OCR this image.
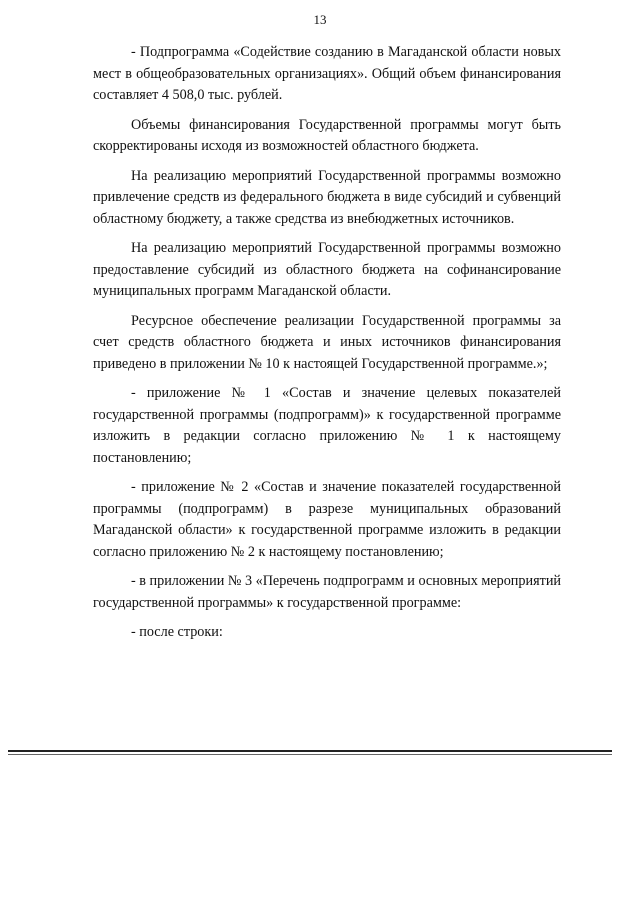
13

- Подпрограмма «Содействие созданию в Магаданской области новых мест в общеобразовательных организациях». Общий объем финансирования составляет 4 508,0 тыс. рублей.

Объемы финансирования Государственной программы могут быть скорректированы исходя из возможностей областного бюджета.

На реализацию мероприятий Государственной программы возможно привлечение средств из федерального бюджета в виде субсидий и субвенций областному бюджету, а также средства из внебюджетных источников.

На реализацию мероприятий Государственной программы возможно предоставление субсидий из областного бюджета на софинансирование муниципальных программ Магаданской области.

Ресурсное обеспечение реализации Государственной программы за счет средств областного бюджета и иных источников финансирования приведено в приложении № 10 к настоящей Государственной программе.»;

- приложение № 1 «Состав и значение целевых показателей государственной программы (подпрограмм)» к государственной программе изложить в редакции согласно приложению № 1 к настоящему постановлению;

- приложение № 2 «Состав и значение показателей государственной программы (подпрограмм) в разрезе муниципальных образований Магаданской области» к государственной программе изложить в редакции согласно приложению № 2 к настоящему постановлению;

- в приложении № 3 «Перечень подпрограмм и основных мероприятий государственной программы» к государственной программе:

- после строки:
